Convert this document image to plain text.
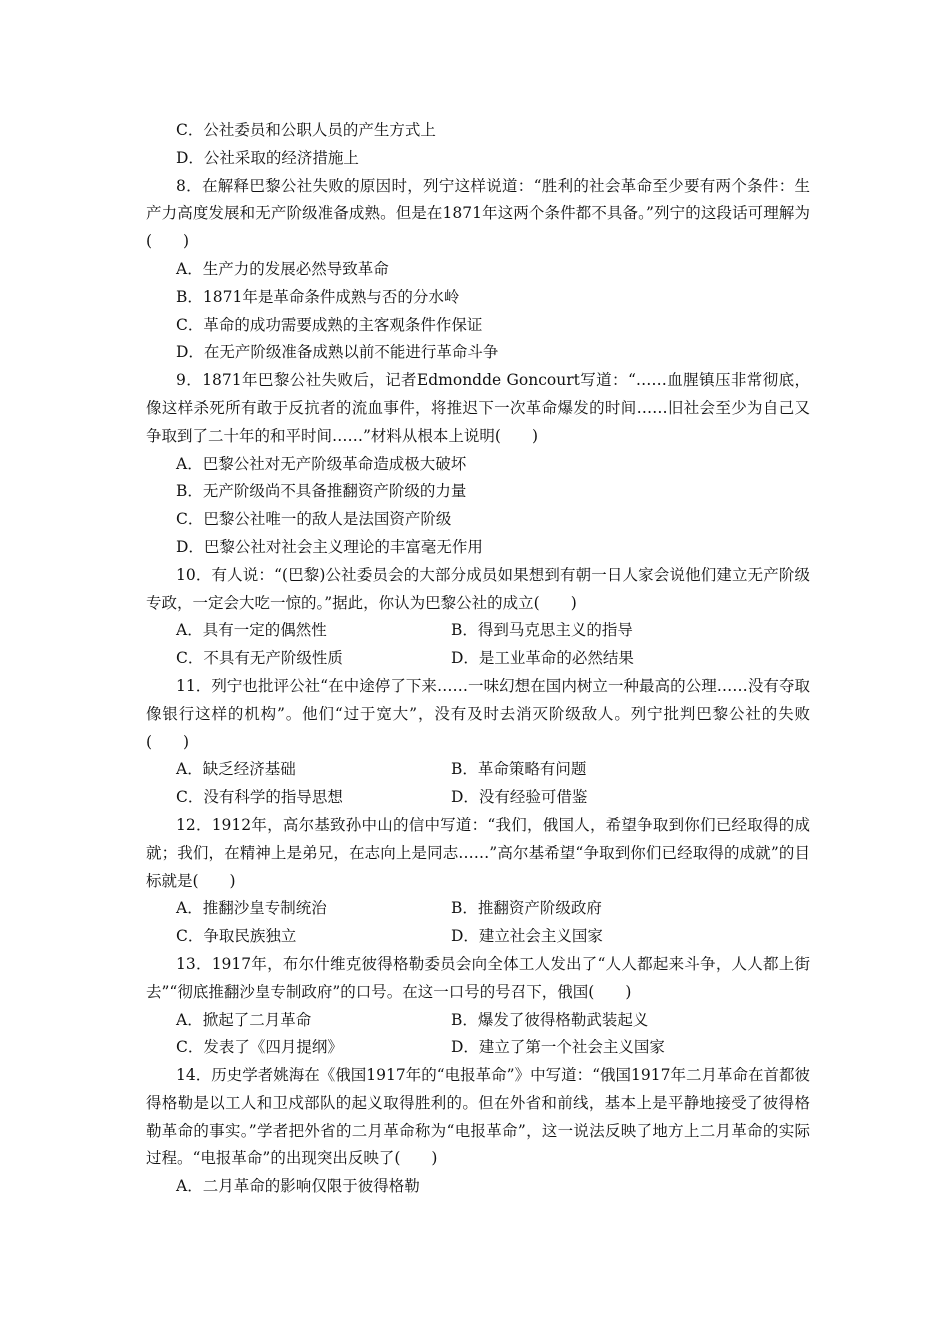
C．公社委员和公职人员的产生方式上
D．公社采取的经济措施上
8．在解释巴黎公社失败的原因时，列宁这样说道：“胜利的社会革命至少要有两个条件：生产力高度发展和无产阶级准备成熟。但是在1871年这两个条件都不具备。”列宁的这段话可理解为(　　)
A．生产力的发展必然导致革命
B．1871年是革命条件成熟与否的分水岭
C．革命的成功需要成熟的主客观条件作保证
D．在无产阶级准备成熟以前不能进行革命斗争
9．1871年巴黎公社失败后，记者Edmondde Goncourt写道：“……血腥镇压非常彻底，像这样杀死所有敢于反抗者的流血事件，将推迟下一次革命爆发的时间……旧社会至少为自己又争取到了二十年的和平时间……”材料从根本上说明(　　)
A．巴黎公社对无产阶级革命造成极大破坏
B．无产阶级尚不具备推翻资产阶级的力量
C．巴黎公社唯一的敌人是法国资产阶级
D．巴黎公社对社会主义理论的丰富毫无作用
10．有人说：“(巴黎)公社委员会的大部分成员如果想到有朝一日人家会说他们建立无产阶级专政，一定会大吃一惊的。”据此，你认为巴黎公社的成立(　　)
A．具有一定的偶然性	B．得到马克思主义的指导
C．不具有无产阶级性质	D．是工业革命的必然结果
11．列宁也批评公社“在中途停了下来……一味幻想在国内树立一种最高的公理……没有夺取像银行这样的机构”。他们“过于宽大”，没有及时去消灭阶级敌人。列宁批判巴黎公社的失败(　　)
A．缺乏经济基础	B．革命策略有问题
C．没有科学的指导思想	D．没有经验可借鉴
12．1912年，高尔基致孙中山的信中写道：“我们，俄国人，希望争取到你们已经取得的成就；我们，在精神上是弟兄，在志向上是同志……”高尔基希望“争取到你们已经取得的成就”的目标就是(　　)
A．推翻沙皇专制统治	B．推翻资产阶级政府
C．争取民族独立	D．建立社会主义国家
13．1917年，布尔什维克彼得格勒委员会向全体工人发出了“人人都起来斗争，人人都上街去”“彻底推翻沙皇专制政府”的口号。在这一口号的号召下，俄国(　　)
A．掀起了二月革命	B．爆发了彼得格勒武装起义
C．发表了《四月提纲》	D．建立了第一个社会主义国家
14．历史学者姚海在《俄国1917年的“电报革命”》中写道：“俄国1917年二月革命在首都彼得格勒是以工人和卫戍部队的起义取得胜利的。但在外省和前线，基本上是平静地接受了彼得格勒革命的事实。”学者把外省的二月革命称为“电报革命”，这一说法反映了地方上二月革命的实际过程。“电报革命”的出现突出反映了(　　)
A．二月革命的影响仅限于彼得格勒
